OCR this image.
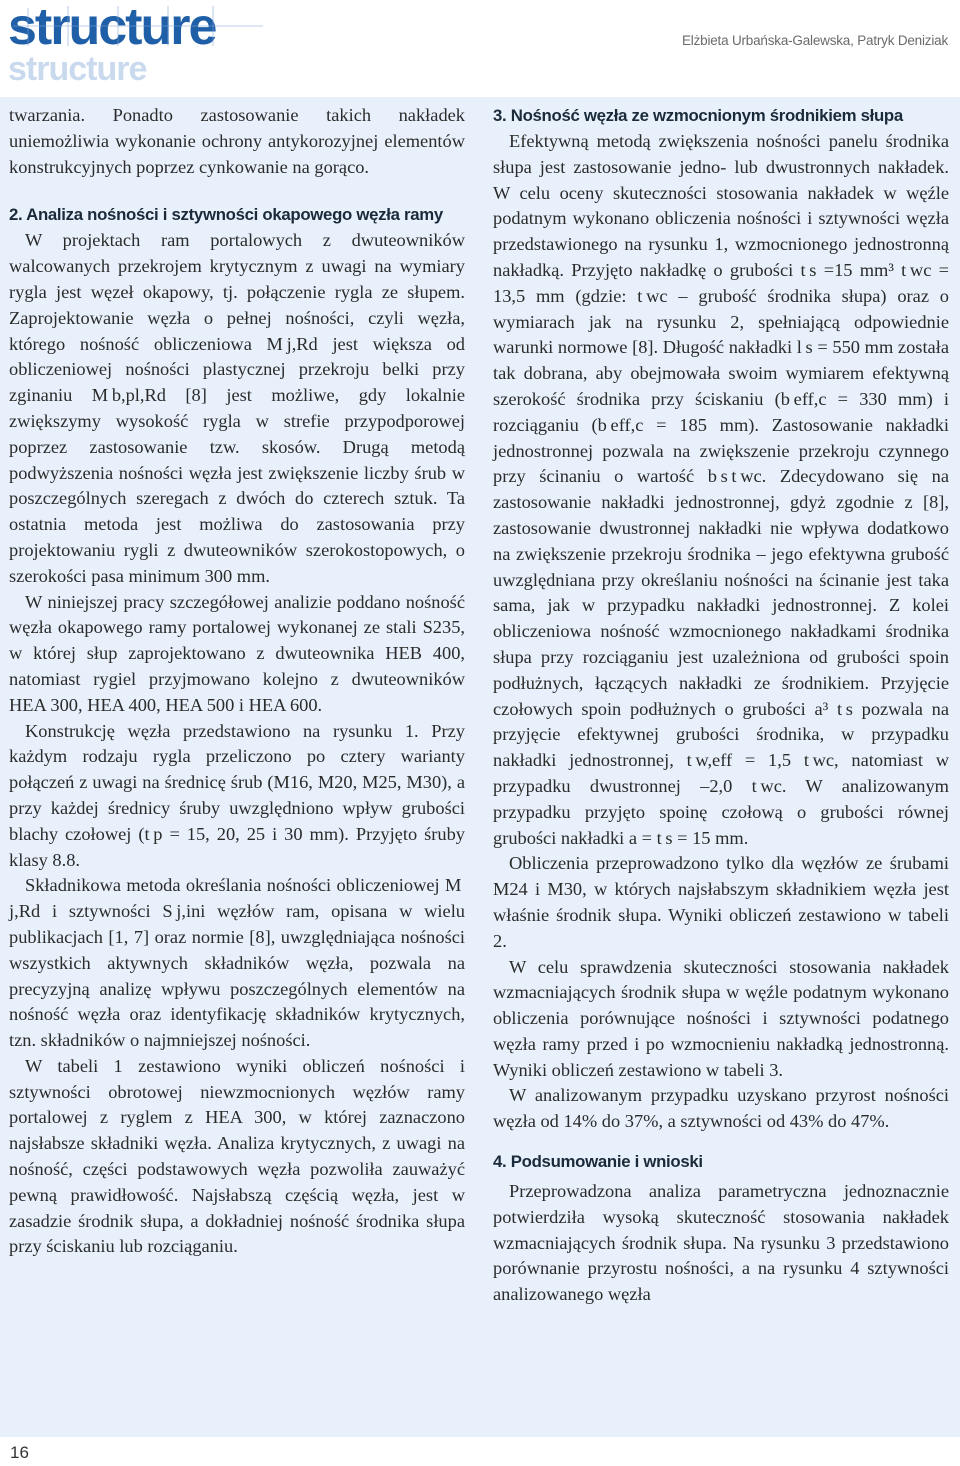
structure
structure
Elżbieta Urbańska-Galewska, Patryk Deniziak

twarzania. Ponadto zastosowanie takich nakładek uniemożliwia wykonanie ochrony antykorozyjnej elementów konstrukcyjnych poprzez cynkowanie na gorąco.

2. Analiza nośności i sztywności okapowego węzła ramy

W projektach ram portalowych z dwuteowników walcowanych przekrojem krytycznym z uwagi na wymiary rygla jest węzeł okapowy, tj. połączenie rygla ze słupem. Zaprojektowanie węzła o pełnej nośności, czyli węzła, którego nośność obliczeniowa M j,Rd jest większa od obliczeniowej nośności plastycznej przekroju belki przy zginaniu M b,pl,Rd [8] jest możliwe, gdy lokalnie zwiększymy wysokość rygla w strefie przypodporowej poprzez zastosowanie tzw. skosów. Drugą metodą podwyższenia nośności węzła jest zwiększenie liczby śrub w poszczególnych szeregach z dwóch do czterech sztuk. Ta ostatnia metoda jest możliwa do zastosowania przy projektowaniu rygli z dwuteowników szerokostopowych, o szerokości pasa minimum 300 mm.

W niniejszej pracy szczegółowej analizie poddano nośność węzła okapowego ramy portalowej wykonanej ze stali S235, w której słup zaprojektowano z dwuteownika HEB 400, natomiast rygiel przyjmowano kolejno z dwuteowników HEA 300, HEA 400, HEA 500 i HEA 600.

Konstrukcję węzła przedstawiono na rysunku 1. Przy każdym rodzaju rygla przeliczono po cztery warianty połączeń z uwagi na średnicę śrub (M16, M20, M25, M30), a przy każdej średnicy śruby uwzględniono wpływ grubości blachy czołowej (t p = 15, 20, 25 i 30 mm). Przyjęto śruby klasy 8.8.

Składnikowa metoda określania nośności obliczeniowej M j,Rd i sztywności S j,ini węzłów ram, opisana w wielu publikacjach [1, 7] oraz normie [8], uwzględniająca nośności wszystkich aktywnych składników węzła, pozwala na precyzyjną analizę wpływu poszczególnych elementów na nośność węzła oraz identyfikację składników krytycznych, tzn. składników o najmniejszej nośności.

W tabeli 1 zestawiono wyniki obliczeń nośności i sztywności obrotowej niewzmocnionych węzłów ramy portalowej z ryglem z HEA 300, w której zaznaczono najsłabsze składniki węzła. Analiza krytycznych, z uwagi na nośność, części podstawowych węzła pozwoliła zauważyć pewną prawidłowość. Najsłabszą częścią węzła, jest w zasadzie środnik słupa, a dokładniej nośność środnika słupa przy ściskaniu lub rozciąganiu.

3. Nośność węzła ze wzmocnionym środnikiem słupa

Efektywną metodą zwiększenia nośności panelu środnika słupa jest zastosowanie jedno- lub dwustronnych nakładek. W celu oceny skuteczności stosowania nakładek w węźle podatnym wykonano obliczenia nośności i sztywności węzła przedstawionego na rysunku 1, wzmocnionego jednostronną nakładką. Przyjęto nakładkę o grubości t s =15 mm³ t wc = 13,5 mm (gdzie: t wc – grubość środnika słupa) oraz o wymiarach jak na rysunku 2, spełniającą odpowiednie warunki normowe [8]. Długość nakładki l s = 550 mm została tak dobrana, aby obejmowała swoim wymiarem efektywną szerokość środnika przy ściskaniu (b eff,c = 330 mm) i rozciąganiu (b eff,c = 185 mm). Zastosowanie nakładki jednostronnej pozwala na zwiększenie przekroju czynnego przy ścinaniu o wartość b s t wc. Zdecydowano się na zastosowanie nakładki jednostronnej, gdyż zgodnie z [8], zastosowanie dwustronnej nakładki nie wpływa dodatkowo na zwiększenie przekroju środnika – jego efektywna grubość uwzględniana przy określaniu nośności na ścinanie jest taka sama, jak w przypadku nakładki jednostronnej. Z kolei obliczeniowa nośność wzmocnionego nakładkami środnika słupa przy rozciąganiu jest uzależniona od grubości spoin podłużnych, łączących nakładki ze środnikiem. Przyjęcie czołowych spoin podłużnych o grubości a³ t s pozwala na przyjęcie efektywnej grubości środnika, w przypadku nakładki jednostronnej, t w,eff = 1,5 t wc, natomiast w przypadku dwustronnej –2,0 t wc. W analizowanym przypadku przyjęto spoinę czołową o grubości równej grubości nakładki a = t s = 15 mm.

Obliczenia przeprowadzono tylko dla węzłów ze śrubami M24 i M30, w których najsłabszym składnikiem węzła jest właśnie środnik słupa. Wyniki obliczeń zestawiono w tabeli 2.

W celu sprawdzenia skuteczności stosowania nakładek wzmacniających środnik słupa w węźle podatnym wykonano obliczenia porównujące nośności i sztywności podatnego węzła ramy przed i po wzmocnieniu nakładką jednostronną. Wyniki obliczeń zestawiono w tabeli 3.

W analizowanym przypadku uzyskano przyrost nośności węzła od 14% do 37%, a sztywności od 43% do 47%.

4. Podsumowanie i wnioski

Przeprowadzona analiza parametryczna jednoznacznie potwierdziła wysoką skuteczność stosowania nakładek wzmacniających środnik słupa. Na rysunku 3 przedstawiono porównanie przyrostu nośności, a na rysunku 4 sztywności analizowanego węzła

16
